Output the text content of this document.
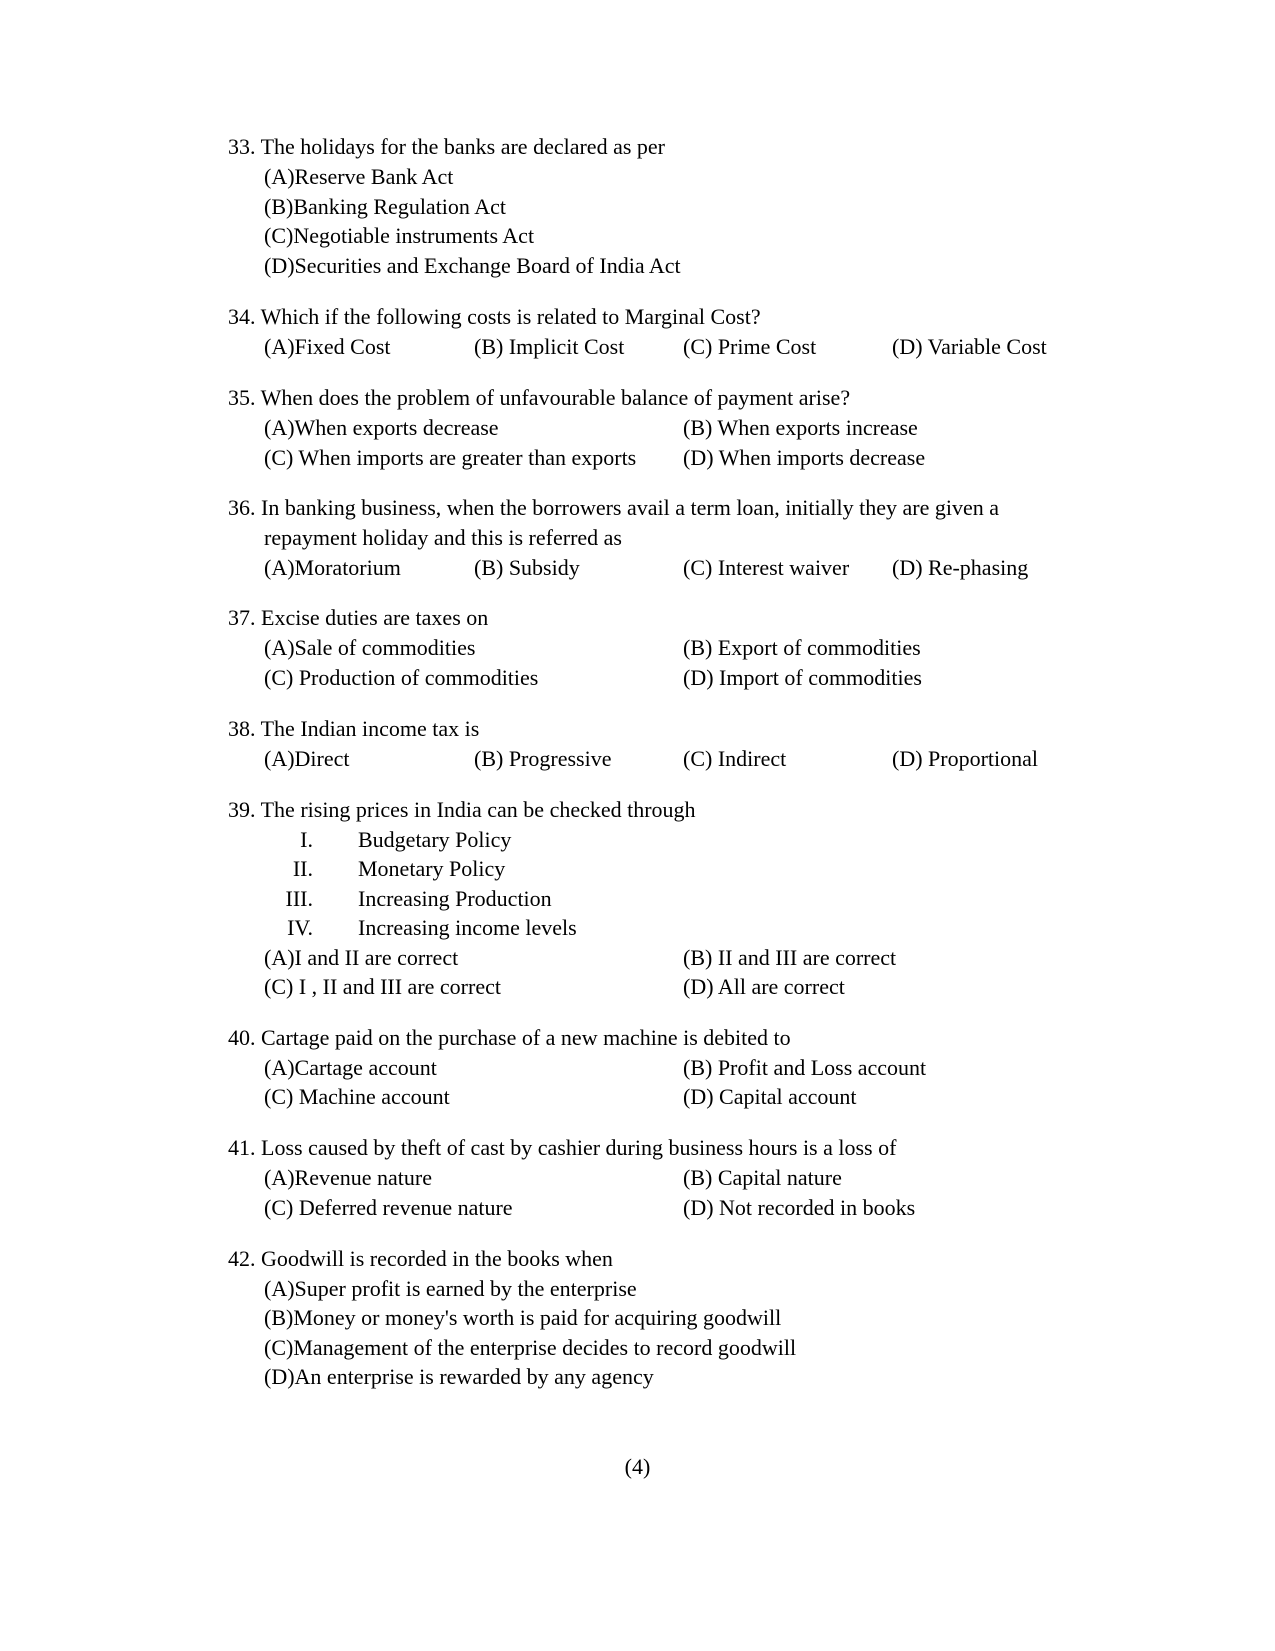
33. The holidays for the banks are declared as per
(A)Reserve Bank Act
(B)Banking Regulation Act
(C)Negotiable instruments Act
(D)Securities and Exchange Board of India Act
34. Which if the following costs is related to Marginal Cost?
(A)Fixed Cost	(B) Implicit Cost	(C) Prime Cost	(D) Variable Cost
35. When does the problem of unfavourable balance of payment arise?
(A)When exports decrease	(B) When exports increase
(C) When imports are greater than exports (D) When imports decrease
36. In banking business, when the borrowers avail a term loan, initially they are given a
repayment holiday and this is referred as
(A)Moratorium	(B) Subsidy	(C) Interest waiver (D) Re-phasing
37. Excise duties are taxes on
(A)Sale of commodities	(B) Export of commodities
(C) Production of commodities	(D) Import of commodities
38. The Indian income tax is
(A)Direct	(B) Progressive	(C) Indirect	(D) Proportional
39. The rising prices in India can be checked through
I. Budgetary Policy
II. Monetary Policy
III. Increasing Production
IV. Increasing income levels
(A)I and II are correct	(B) II and III are correct
(C) I , II and III are correct	(D) All are correct
40. Cartage paid on the purchase of a new machine is debited to
(A)Cartage account	(B) Profit and Loss account
(C) Machine account	(D) Capital account
41. Loss caused by theft of cast by cashier during business hours is a loss of
(A)Revenue nature	(B) Capital nature
(C) Deferred revenue nature	(D) Not recorded in books
42. Goodwill is recorded in the books when
(A)Super profit is earned by the enterprise
(B)Money or money's worth is paid for acquiring goodwill
(C)Management of the enterprise decides to record goodwill
(D)An enterprise is rewarded by any agency
(4)
